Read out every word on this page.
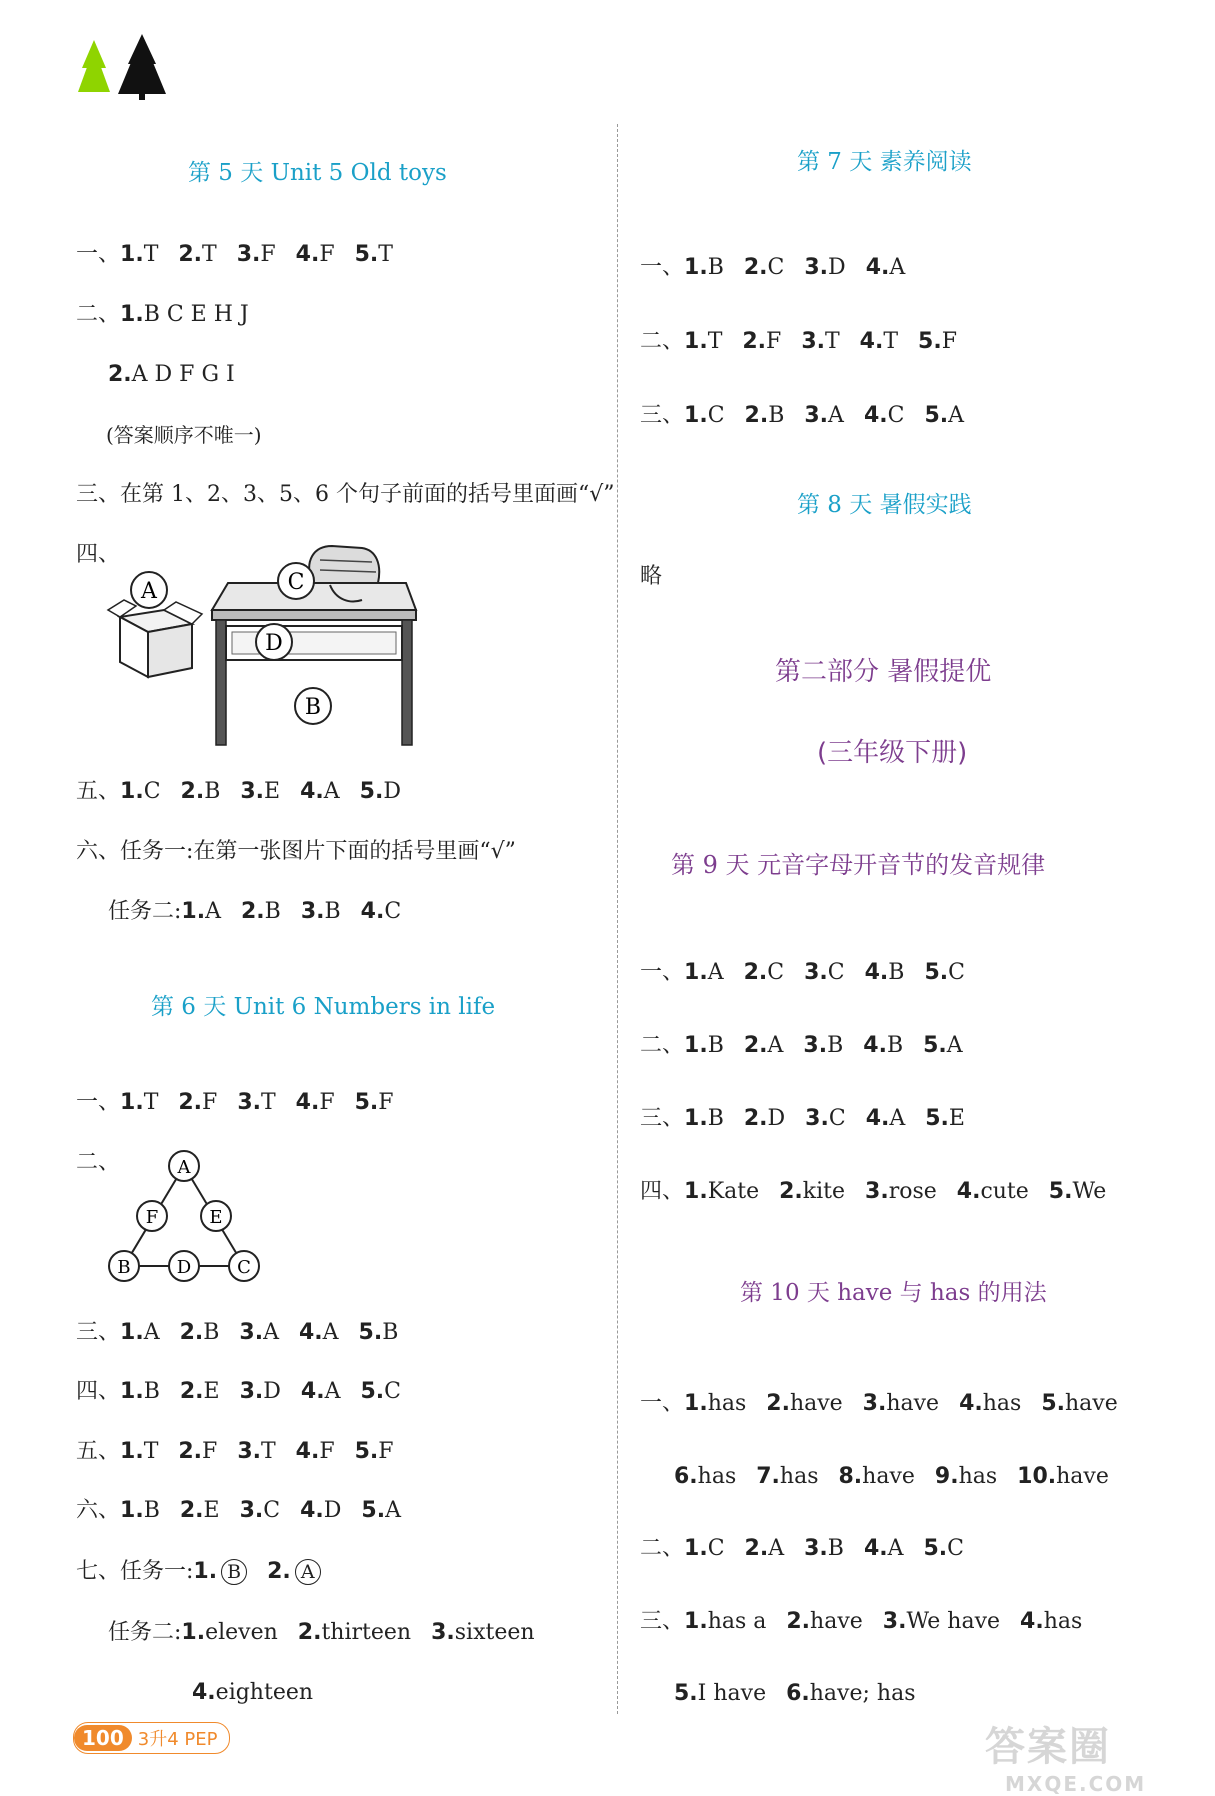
第 5 天 Unit 5 Old toys
一、1.T 2.T 3.F 4.F 5.T
二、1.B C E H J
2.A D F G I
(答案顺序不唯一)
三、在第 1、2、3、5、6 个句子前面的括号里面画“√”
四、
C
D
A
B
五、1.C 2.B 3.E 4.A 5.D
六、任务一:在第一张图片下面的括号里画“√”
任务二:1.A 2.B 3.B 4.C
第 6 天 Unit 6 Numbers in life
一、1.T 2.F 3.T 4.F 5.F
二、	A
F	E
B	D	C
三、1.A 2.B 3.A 4.A 5.B
四、1.B 2.E 3.D 4.A 5.C
五、1.T 2.F 3.T 4.F 5.F
六、1.B 2.E 3.C 4.D 5.A
七、任务一:1. B 2. A
任务二:1.eleven 2.thirteen 3.sixteen
4.eighteen
第 7 天 素养阅读
一、1.B 2.C 3.D 4.A
二、1.T 2.F 3.T 4.T 5.F
三、1.C 2.B 3.A 4.C 5.A
第 8 天 暑假实践
略
第二部分 暑假提优
(三年级下册)
第 9 天 元音字母开音节的发音规律
一、1.A 2.C 3.C 4.B 5.C
二、1.B 2.A 3.B 4.B 5.A
三、1.B 2.D 3.C 4.A 5.E
四、1.Kate 2.kite 3.rose 4.cute 5.We
第 10 天 have 与 has 的用法
一、1.has 2.have 3.have 4.has 5.have
6.has 7.has 8.have 9.has 10.have
二、1.C 2.A 3.B 4.A 5.C
三、1.has a 2.have 3.We have 4.has
5.I have 6.have; has
100 3升4 PEP	答案圈
MXQE.COM
